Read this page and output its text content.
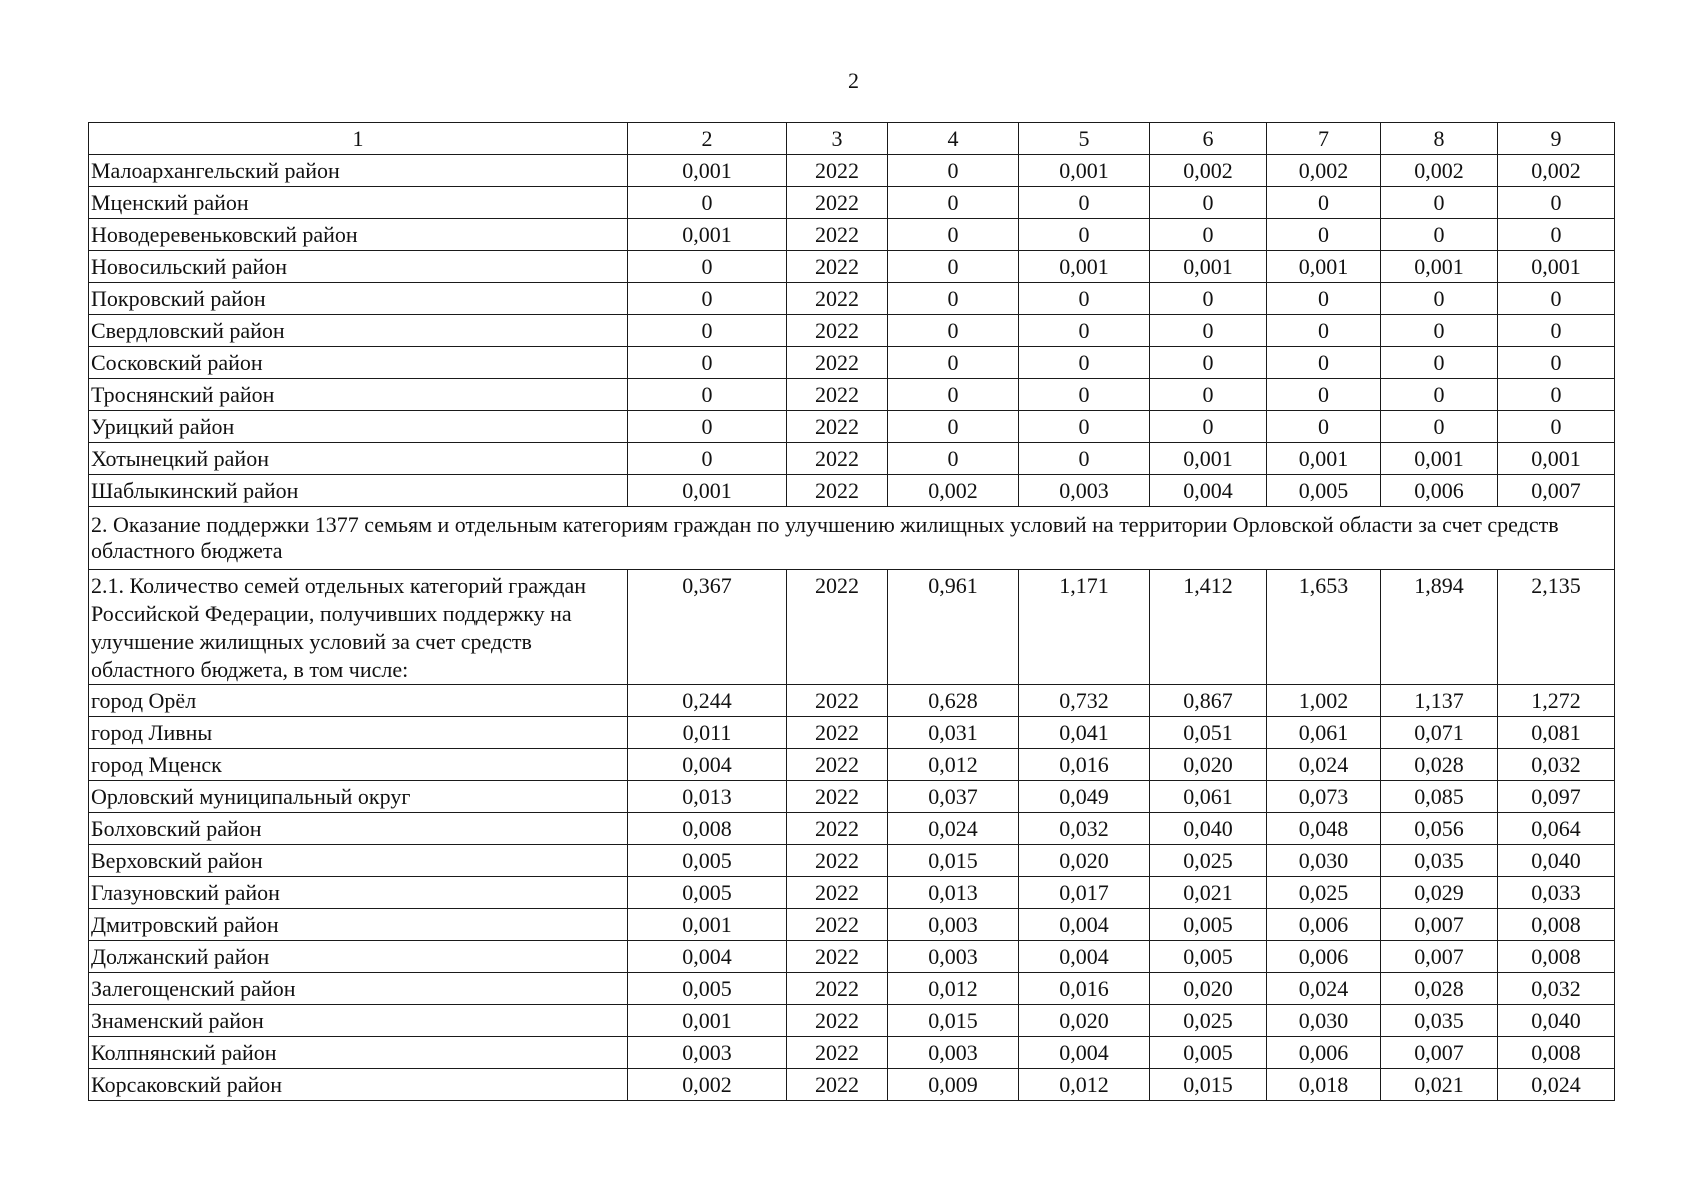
2
1	2	3	4	5	6	7	8	9
Малоархангельский район	0,001	2022	0	0,001	0,002	0,002	0,002	0,002
Мценский район	0	2022	0	0	0	0	0	0
Новодеревеньковский район	0,001	2022	0	0	0	0	0	0
Новосильский район	0	2022	0	0,001	0,001	0,001	0,001	0,001
Покровский район	0	2022	0	0	0	0	0	0
Свердловский район	0	2022	0	0	0	0	0	0
Сосковский район	0	2022	0	0	0	0	0	0
Троснянский район	0	2022	0	0	0	0	0	0
Урицкий район	0	2022	0	0	0	0	0	0
Хотынецкий район	0	2022	0	0	0,001	0,001	0,001	0,001
Шаблыкинский район	0,001	2022	0,002	0,003	0,004	0,005	0,006	0,007
2. Оказание поддержки 1377 семьям и отдельным категориям граждан по улучшению жилищных условий на территории Орловской области за счет средств областного бюджета								
2.1. Количество семей отдельных категорий граждан Российской Федерации, получивших поддержку на улучшение жилищных условий за счет средств областного бюджета, в том числе:	0,367	2022	0,961	1,171	1,412	1,653	1,894	2,135
город Орёл	0,244	2022	0,628	0,732	0,867	1,002	1,137	1,272
город Ливны	0,011	2022	0,031	0,041	0,051	0,061	0,071	0,081
город Мценск	0,004	2022	0,012	0,016	0,020	0,024	0,028	0,032
Орловский муниципальный округ	0,013	2022	0,037	0,049	0,061	0,073	0,085	0,097
Болховский район	0,008	2022	0,024	0,032	0,040	0,048	0,056	0,064
Верховский район	0,005	2022	0,015	0,020	0,025	0,030	0,035	0,040
Глазуновский район	0,005	2022	0,013	0,017	0,021	0,025	0,029	0,033
Дмитровский район	0,001	2022	0,003	0,004	0,005	0,006	0,007	0,008
Должанский район	0,004	2022	0,003	0,004	0,005	0,006	0,007	0,008
Залегощенский район	0,005	2022	0,012	0,016	0,020	0,024	0,028	0,032
Знаменский район	0,001	2022	0,015	0,020	0,025	0,030	0,035	0,040
Колпнянский район	0,003	2022	0,003	0,004	0,005	0,006	0,007	0,008
Корсаковский район	0,002	2022	0,009	0,012	0,015	0,018	0,021	0,024
